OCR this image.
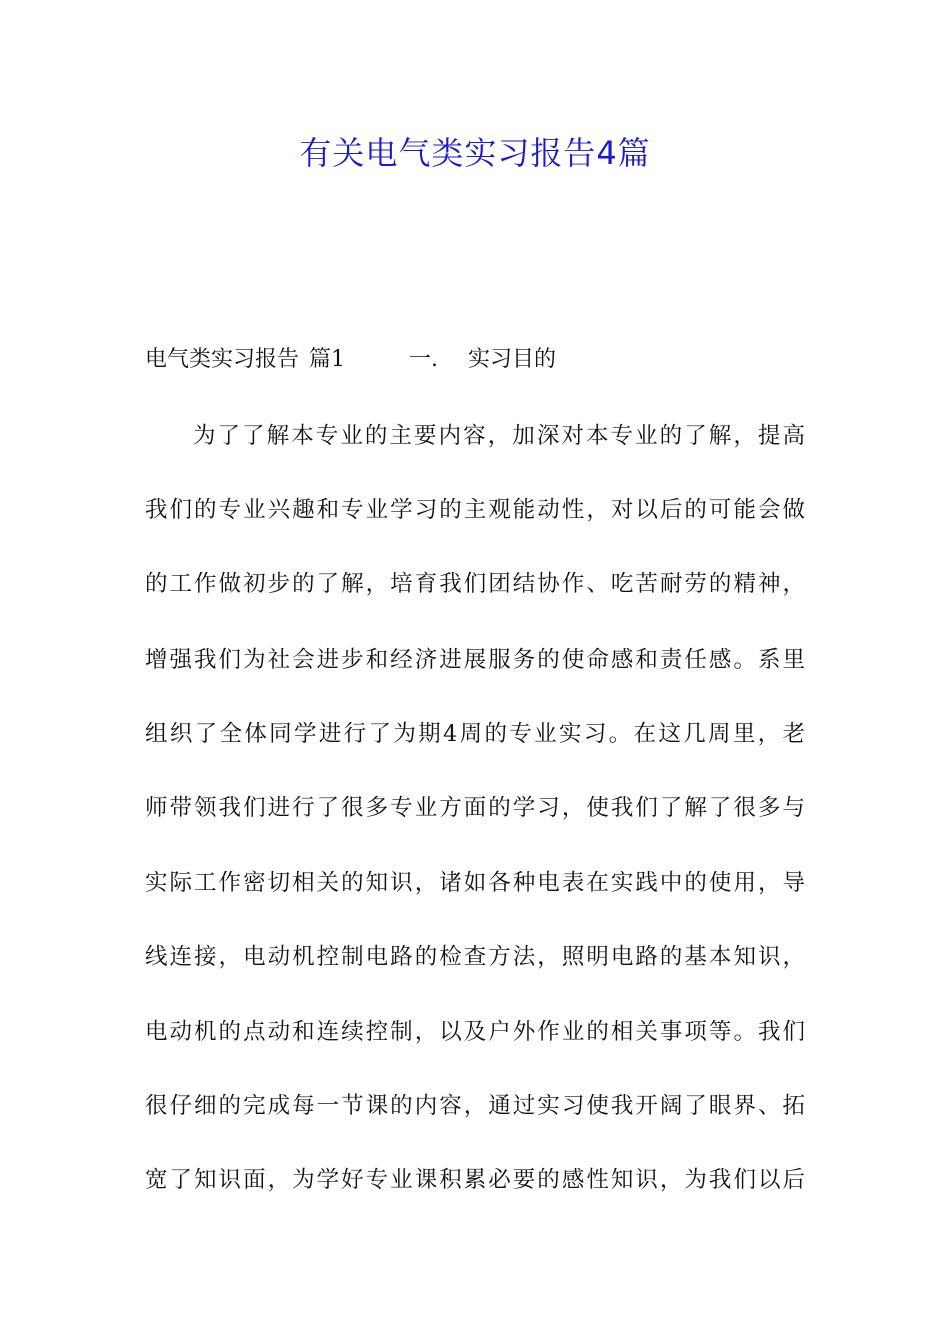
有关电气类实习报告4篇
电气类实习报告 篇1	一. 实习目的
为了了解本专业的主要内容，加深对本专业的了解，提高
我们的专业兴趣和专业学习的主观能动性，对以后的可能会做
的工作做初步的了解，培育我们团结协作、吃苦耐劳的精神，
增强我们为社会进步和经济进展服务的使命感和责任感。系里
组织了全体同学进行了为期4周的专业实习。在这几周里，老
师带领我们进行了很多专业方面的学习，使我们了解了很多与
实际工作密切相关的知识，诸如各种电表在实践中的使用，导
线连接，电动机控制电路的检查方法，照明电路的基本知识，
电动机的点动和连续控制，以及户外作业的相关事项等。我们
很仔细的完成每一节课的内容，通过实习使我开阔了眼界、拓
宽了知识面，为学好专业课积累必要的感性知识，为我们以后
